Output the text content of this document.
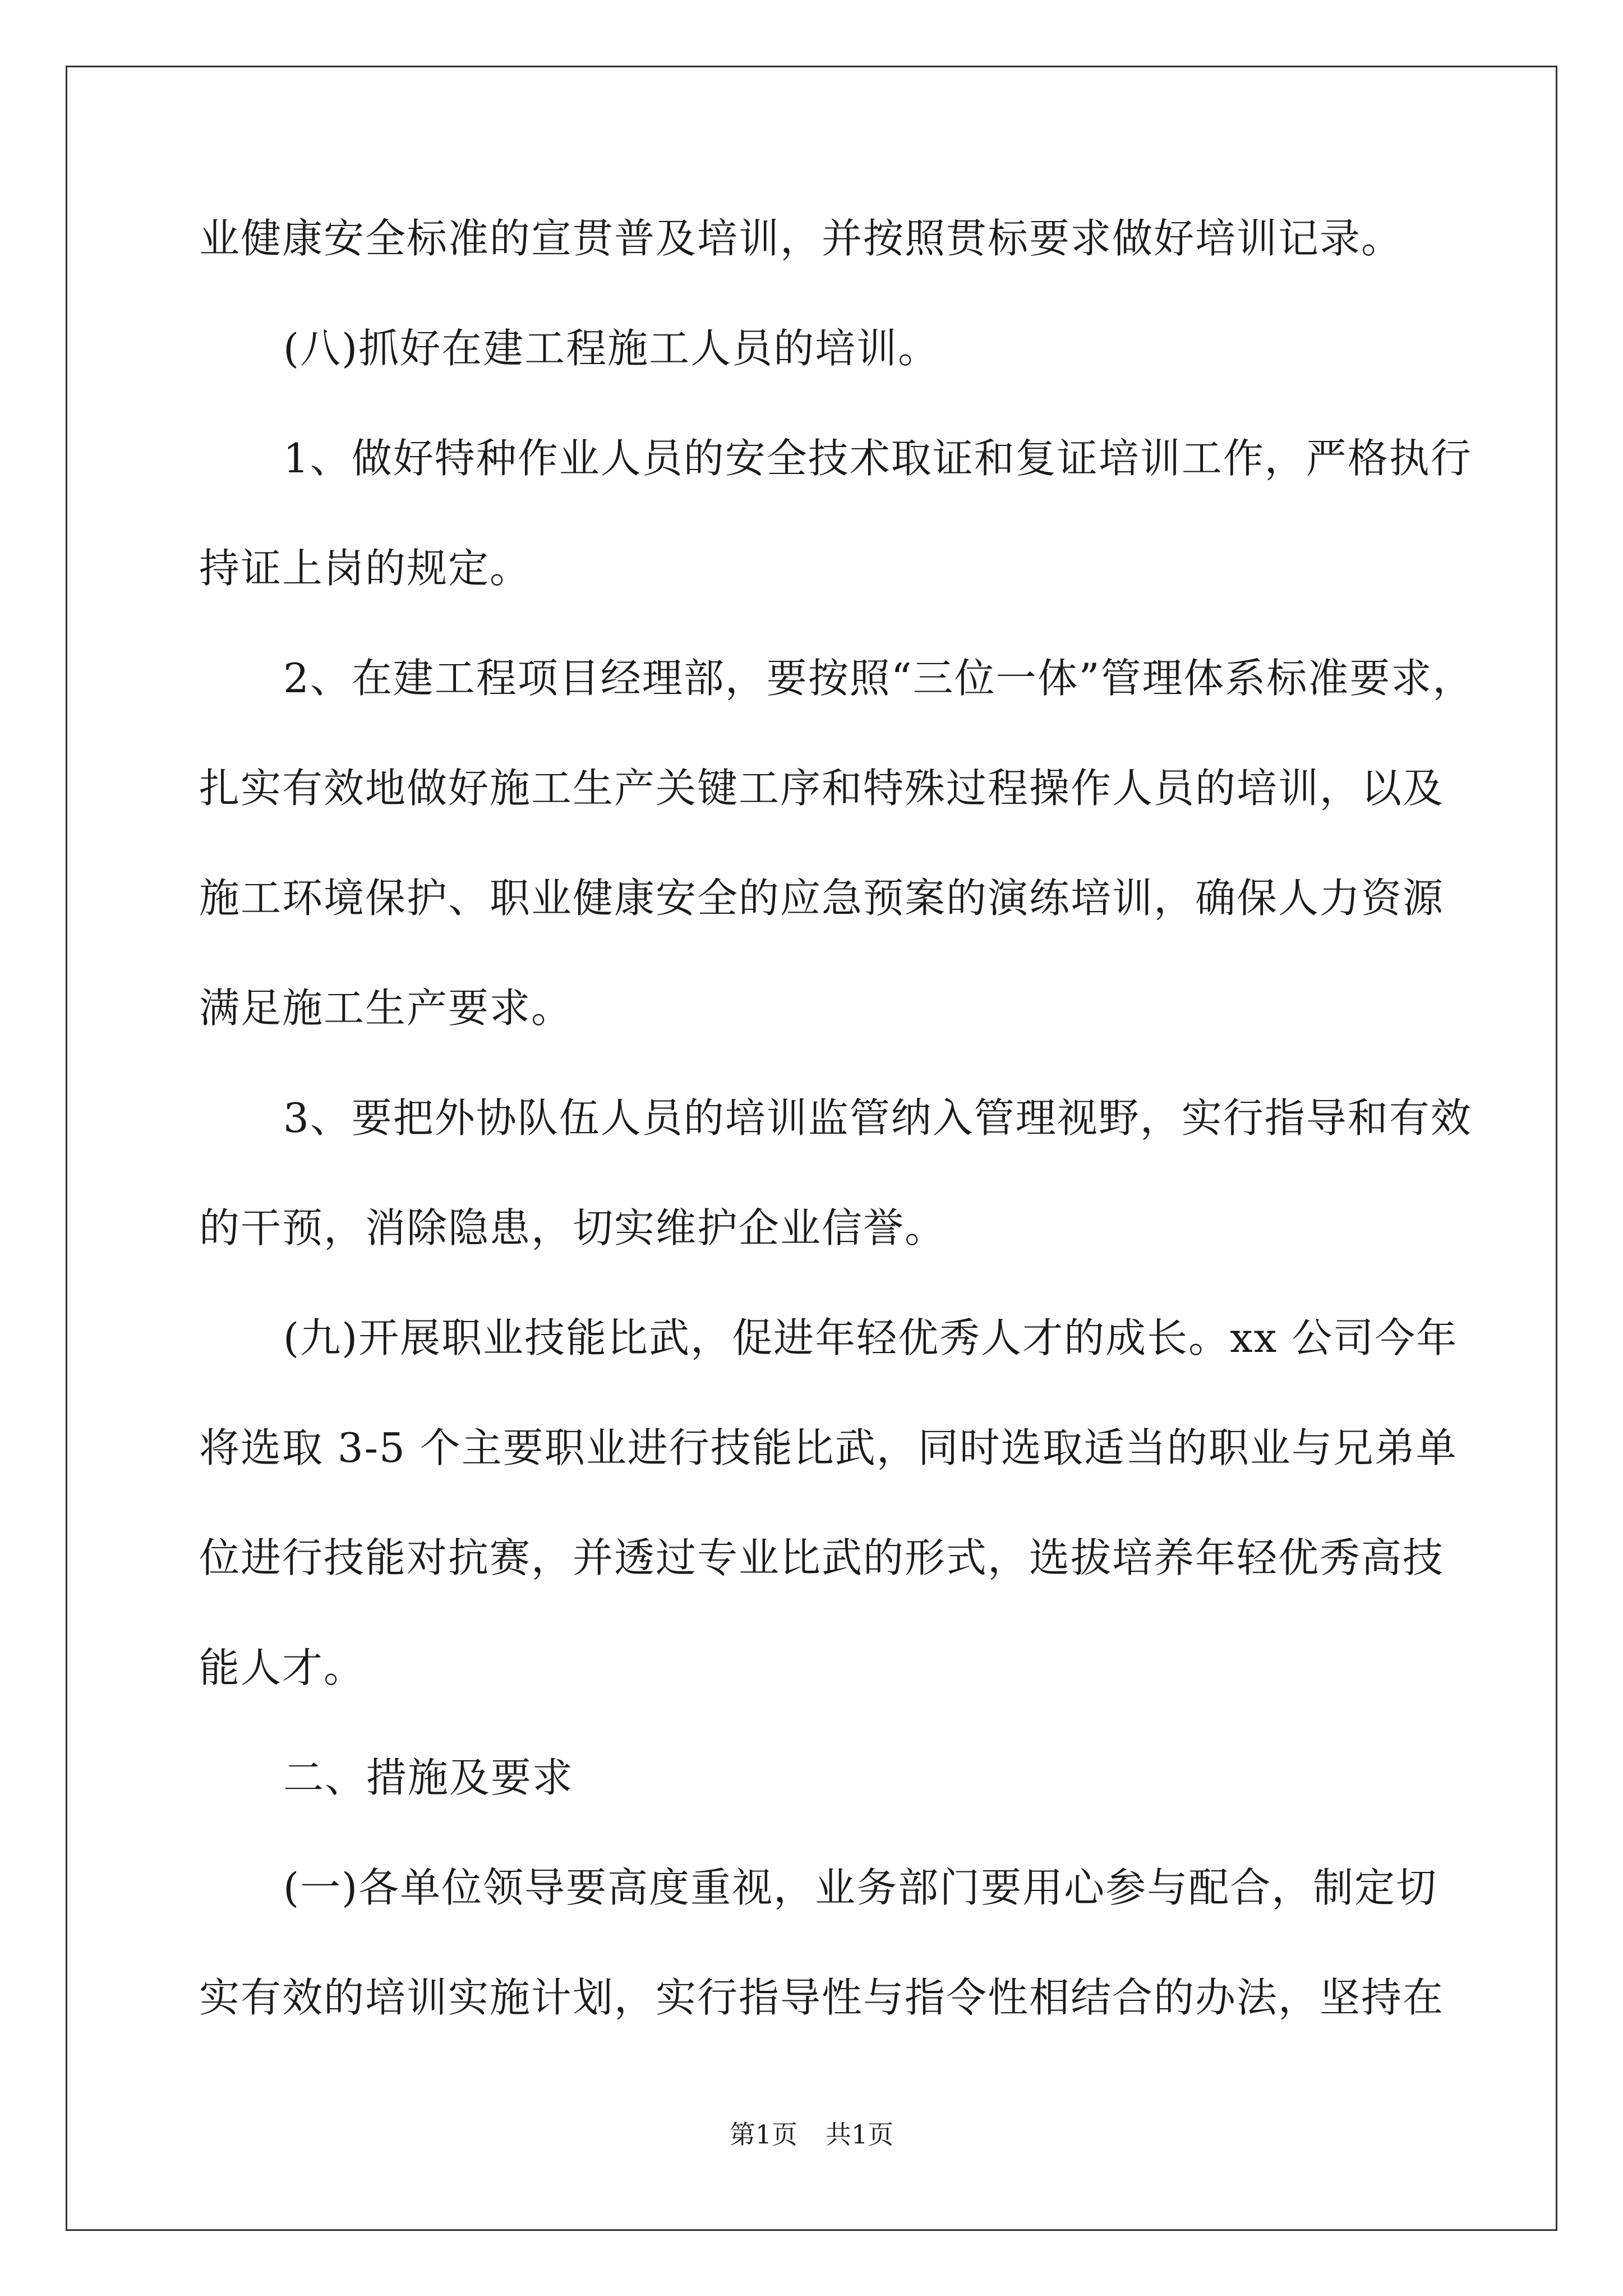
业健康安全标准的宣贯普及培训，并按照贯标要求做好培训记录。
(八)抓好在建工程施工人员的培训。
1、做好特种作业人员的安全技术取证和复证培训工作，严格执行
持证上岗的规定。
2、在建工程项目经理部，要按照“三位一体”管理体系标准要求，
扎实有效地做好施工生产关键工序和特殊过程操作人员的培训，以及
施工环境保护、职业健康安全的应急预案的演练培训，确保人力资源
满足施工生产要求。
3、要把外协队伍人员的培训监管纳入管理视野，实行指导和有效
的干预，消除隐患，切实维护企业信誉。
(九)开展职业技能比武，促进年轻优秀人才的成长。xx 公司今年
将选取 3-5 个主要职业进行技能比武，同时选取适当的职业与兄弟单
位进行技能对抗赛，并透过专业比武的形式，选拔培养年轻优秀高技
能人才。
二、措施及要求
(一)各单位领导要高度重视，业务部门要用心参与配合，制定切
实有效的培训实施计划，实行指导性与指令性相结合的办法，坚持在
第1页 共1页
